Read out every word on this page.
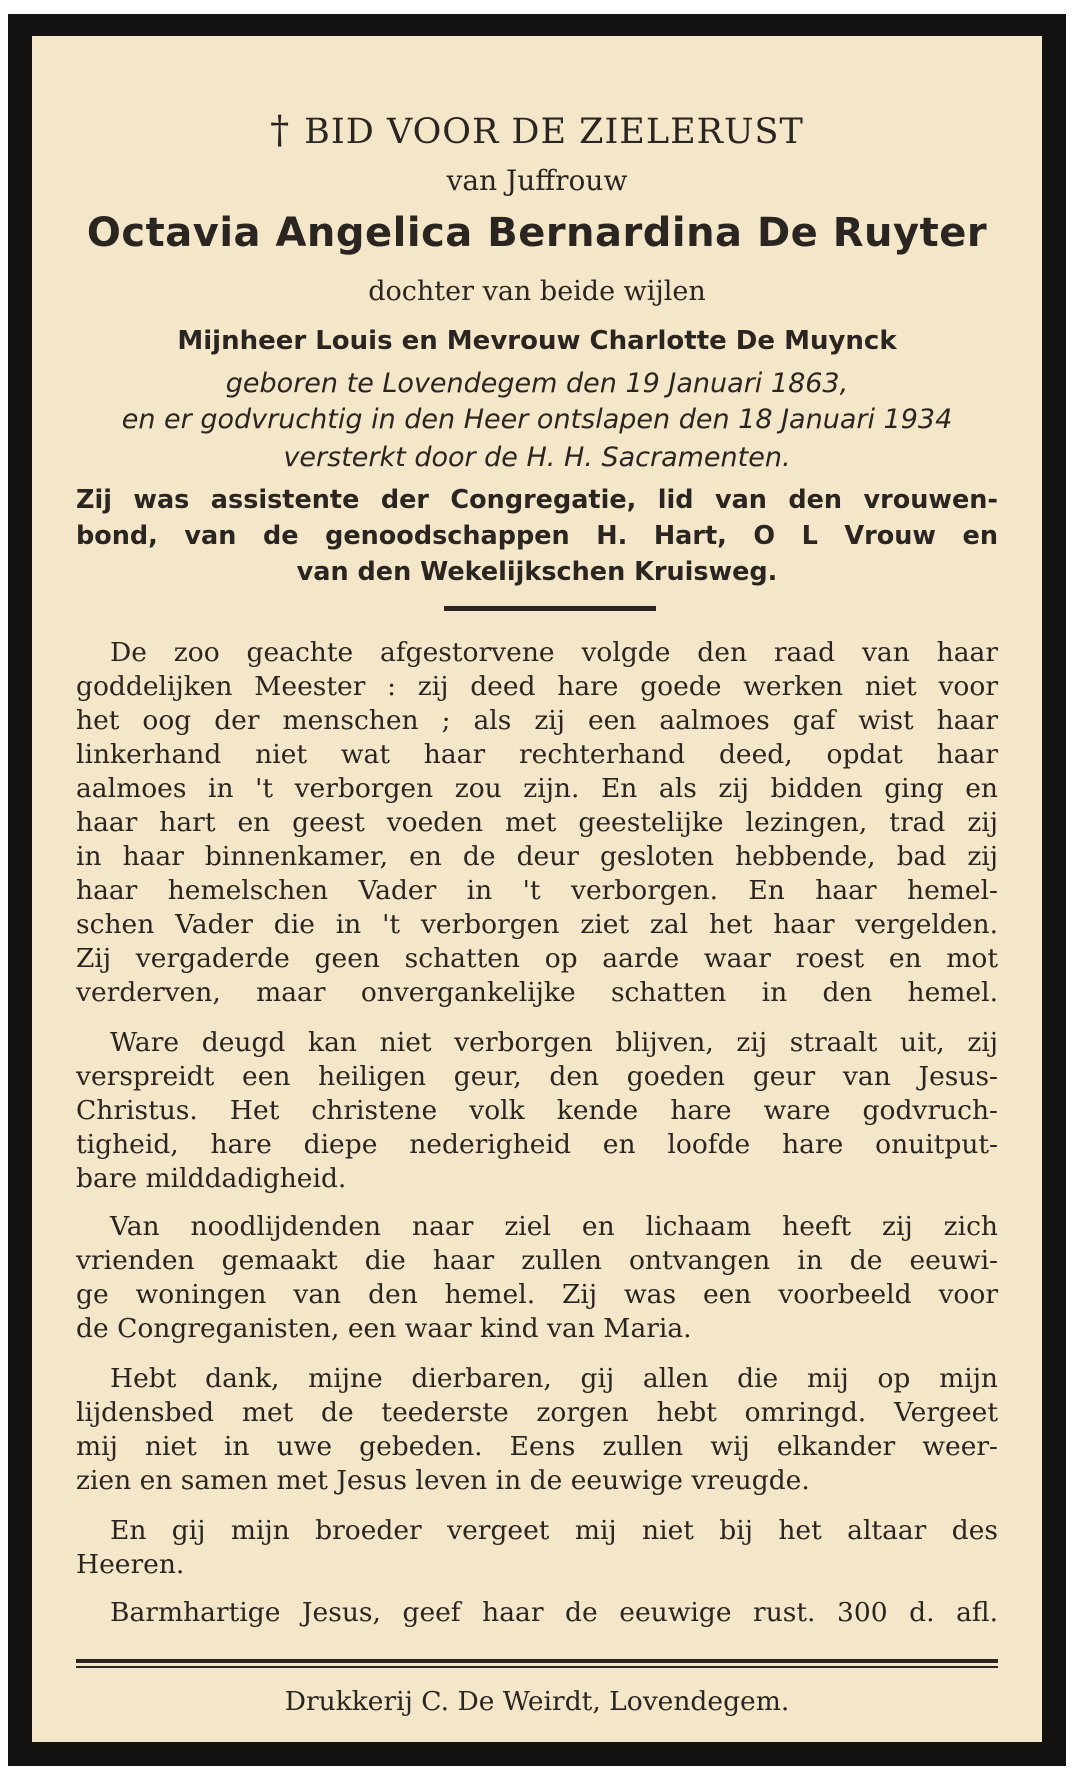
† BID VOOR DE ZIELERUST
van Juffrouw
Octavia Angelica Bernardina De Ruyter
dochter van beide wijlen
Mijnheer Louis en Mevrouw Charlotte De Muynck
geboren te Lovendegem den 19 Januari 1863,
en er godvruchtig in den Heer ontslapen den 18 Januari 1934
versterkt door de H. H. Sacramenten.
Zij was assistente der Congregatie, lid van den vrouwen-
bond, van de genoodschappen H. Hart, O L Vrouw en
van den Wekelijkschen Kruisweg.
De zoo geachte afgestorvene volgde den raad van haar
goddelijken Meester : zij deed hare goede werken niet voor
het oog der menschen ; als zij een aalmoes gaf wist haar
linkerhand niet wat haar rechterhand deed, opdat haar
aalmoes in 't verborgen zou zijn. En als zij bidden ging en
haar hart en geest voeden met geestelijke lezingen, trad zij
in haar binnenkamer, en de deur gesloten hebbende, bad zij
haar hemelschen Vader in 't verborgen. En haar hemel-
schen Vader die in 't verborgen ziet zal het haar vergelden.
Zij vergaderde geen schatten op aarde waar roest en mot
verderven, maar onvergankelijke schatten in den hemel.
Ware deugd kan niet verborgen blijven, zij straalt uit, zij
verspreidt een heiligen geur, den goeden geur van Jesus-
Christus. Het christene volk kende hare ware godvruch-
tigheid, hare diepe nederigheid en loofde hare onuitput-
bare milddadigheid.
Van noodlijdenden naar ziel en lichaam heeft zij zich
vrienden gemaakt die haar zullen ontvangen in de eeuwi-
ge woningen van den hemel. Zij was een voorbeeld voor
de Congreganisten, een waar kind van Maria.
Hebt dank, mijne dierbaren, gij allen die mij op mijn
lijdensbed met de teederste zorgen hebt omringd. Vergeet
mij niet in uwe gebeden. Eens zullen wij elkander weer-
zien en samen met Jesus leven in de eeuwige vreugde.
En gij mijn broeder vergeet mij niet bij het altaar des
Heeren.
Barmhartige Jesus, geef haar de eeuwige rust. 300 d. afl.
Drukkerij C. De Weirdt, Lovendegem.
